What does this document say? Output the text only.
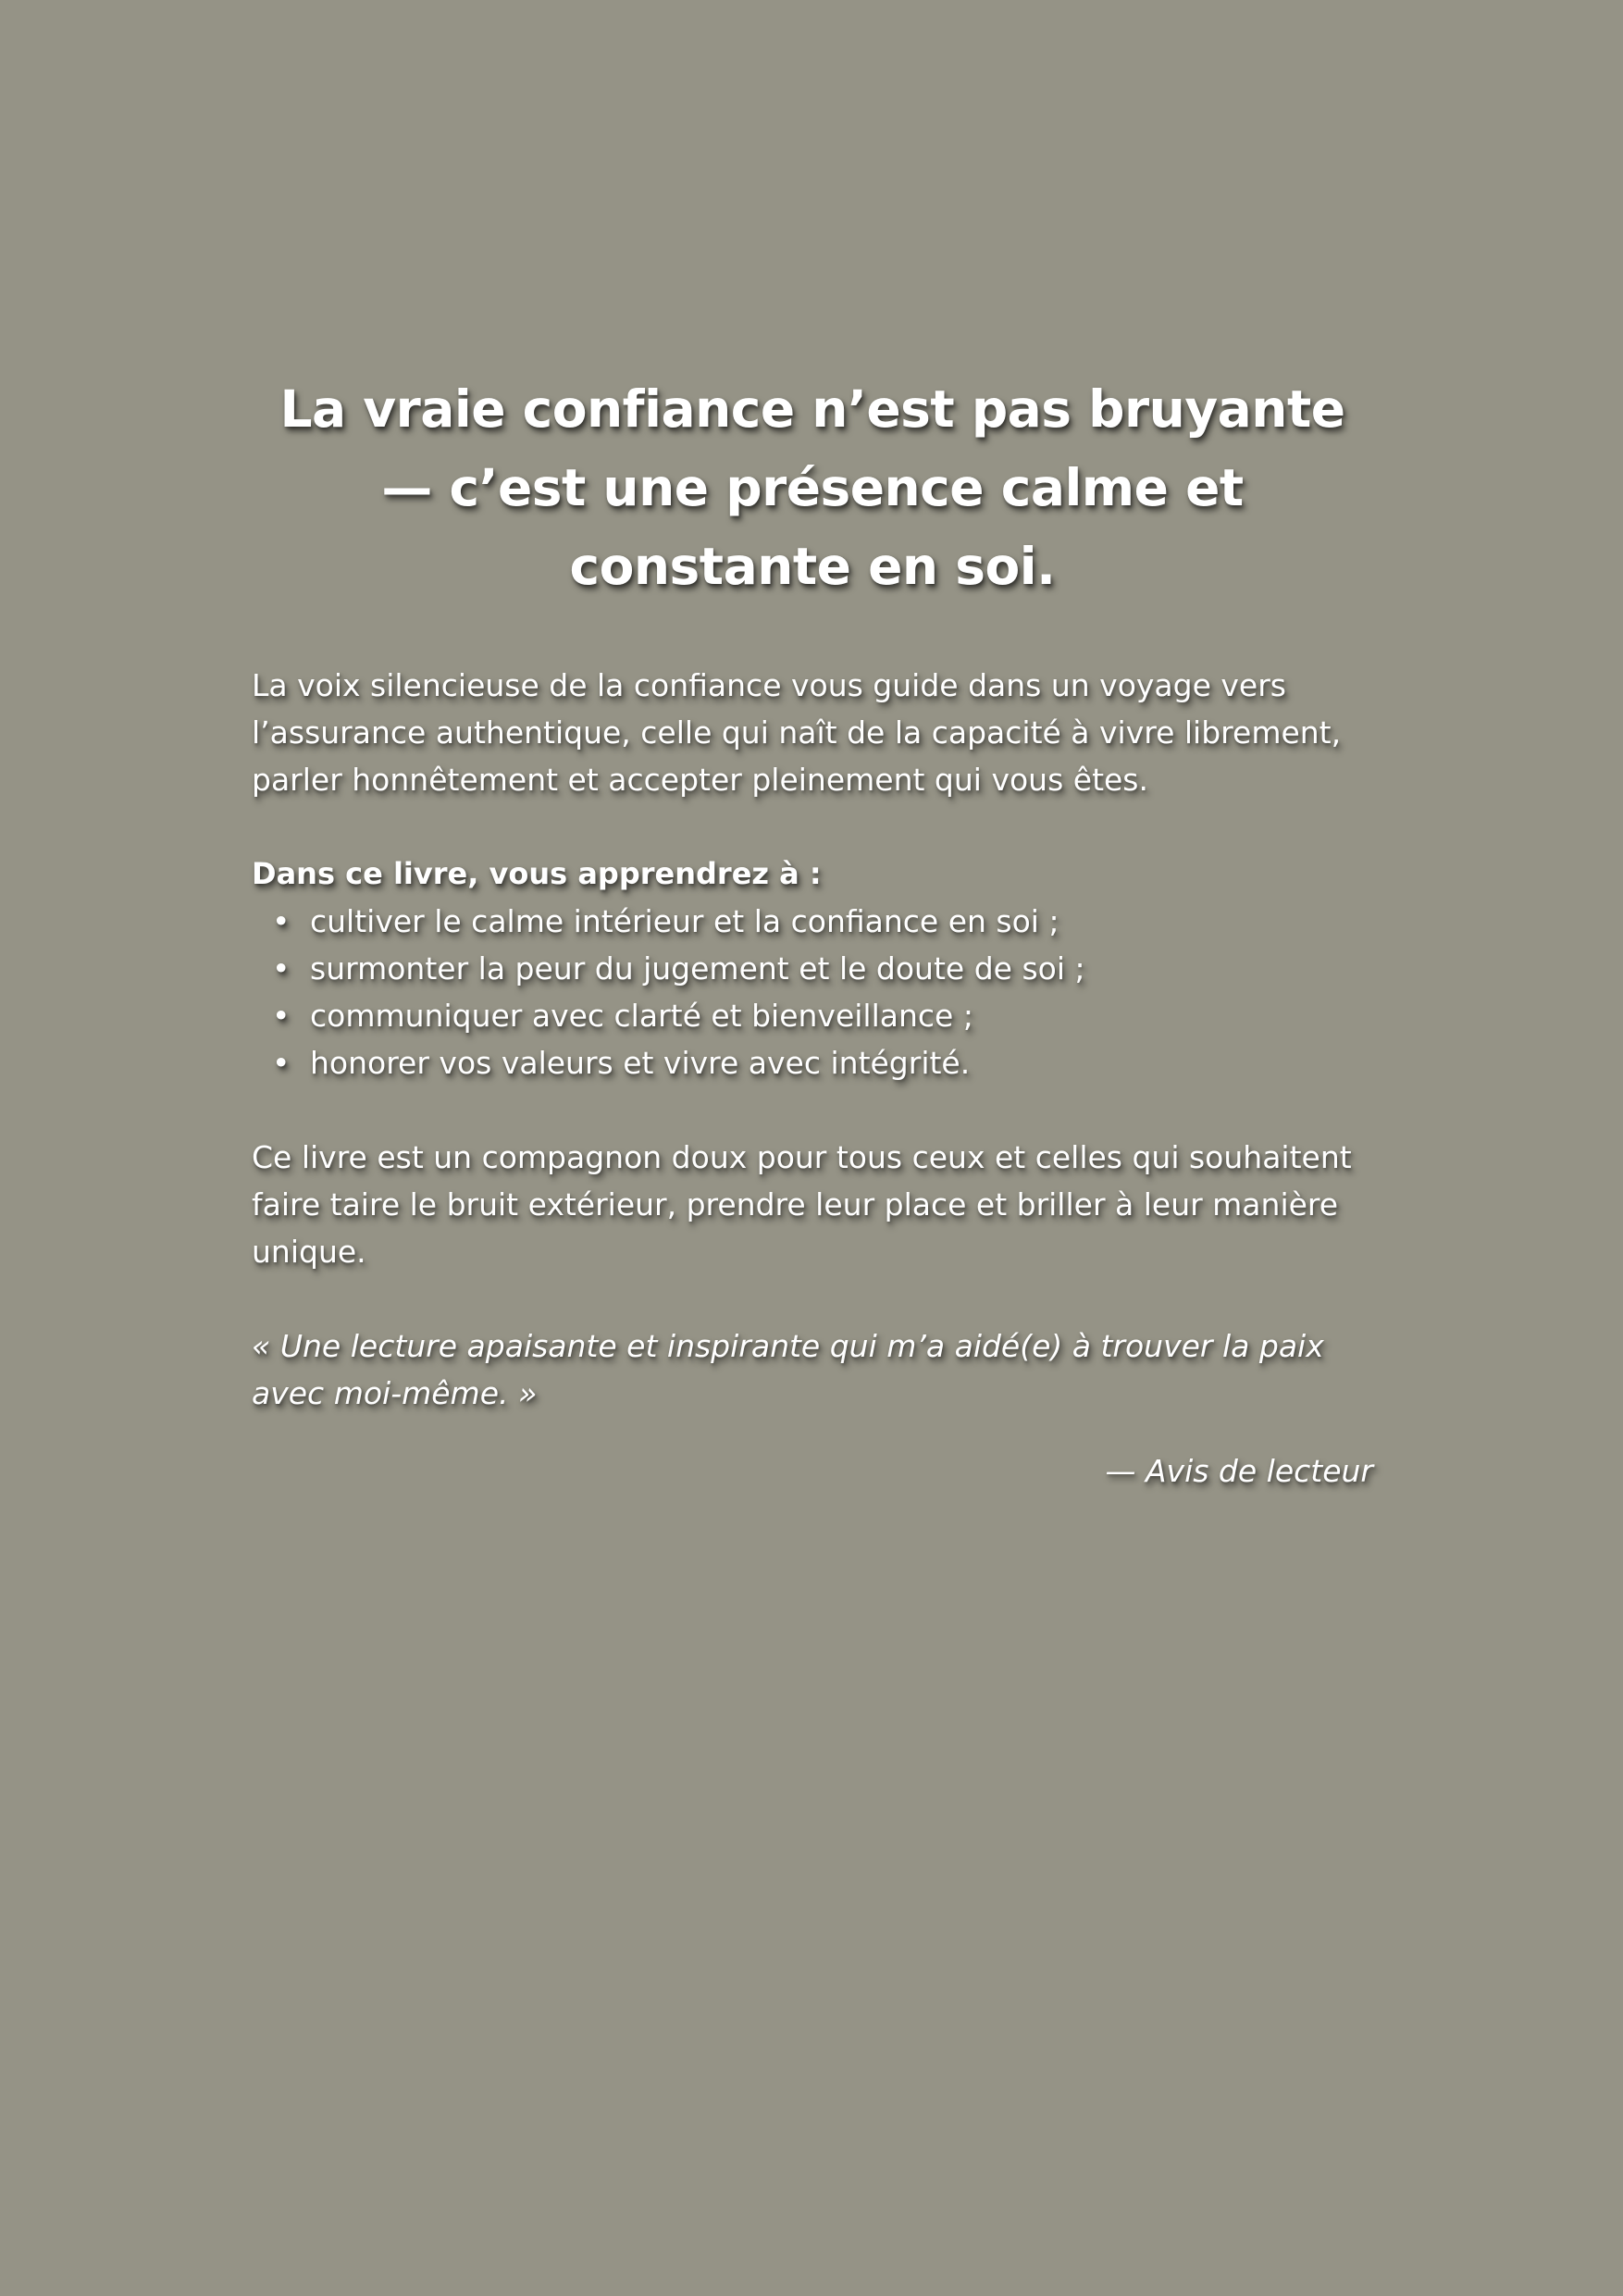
La vraie confiance n’est pas bruyante — c’est une présence calme et constante en soi.

La voix silencieuse de la confiance vous guide dans un voyage vers l’assurance authentique, celle qui naît de la capacité à vivre librement, parler honnêtement et accepter pleinement qui vous êtes.

Dans ce livre, vous apprendrez à :

• cultiver le calme intérieur et la confiance en soi ;
• surmonter la peur du jugement et le doute de soi ;
• communiquer avec clarté et bienveillance ;
• honorer vos valeurs et vivre avec intégrité.

Ce livre est un compagnon doux pour tous ceux et celles qui souhaitent faire taire le bruit extérieur, prendre leur place et briller à leur manière unique.

« Une lecture apaisante et inspirante qui m’a aidé(e) à trouver la paix avec moi-même. »

— Avis de lecteur
